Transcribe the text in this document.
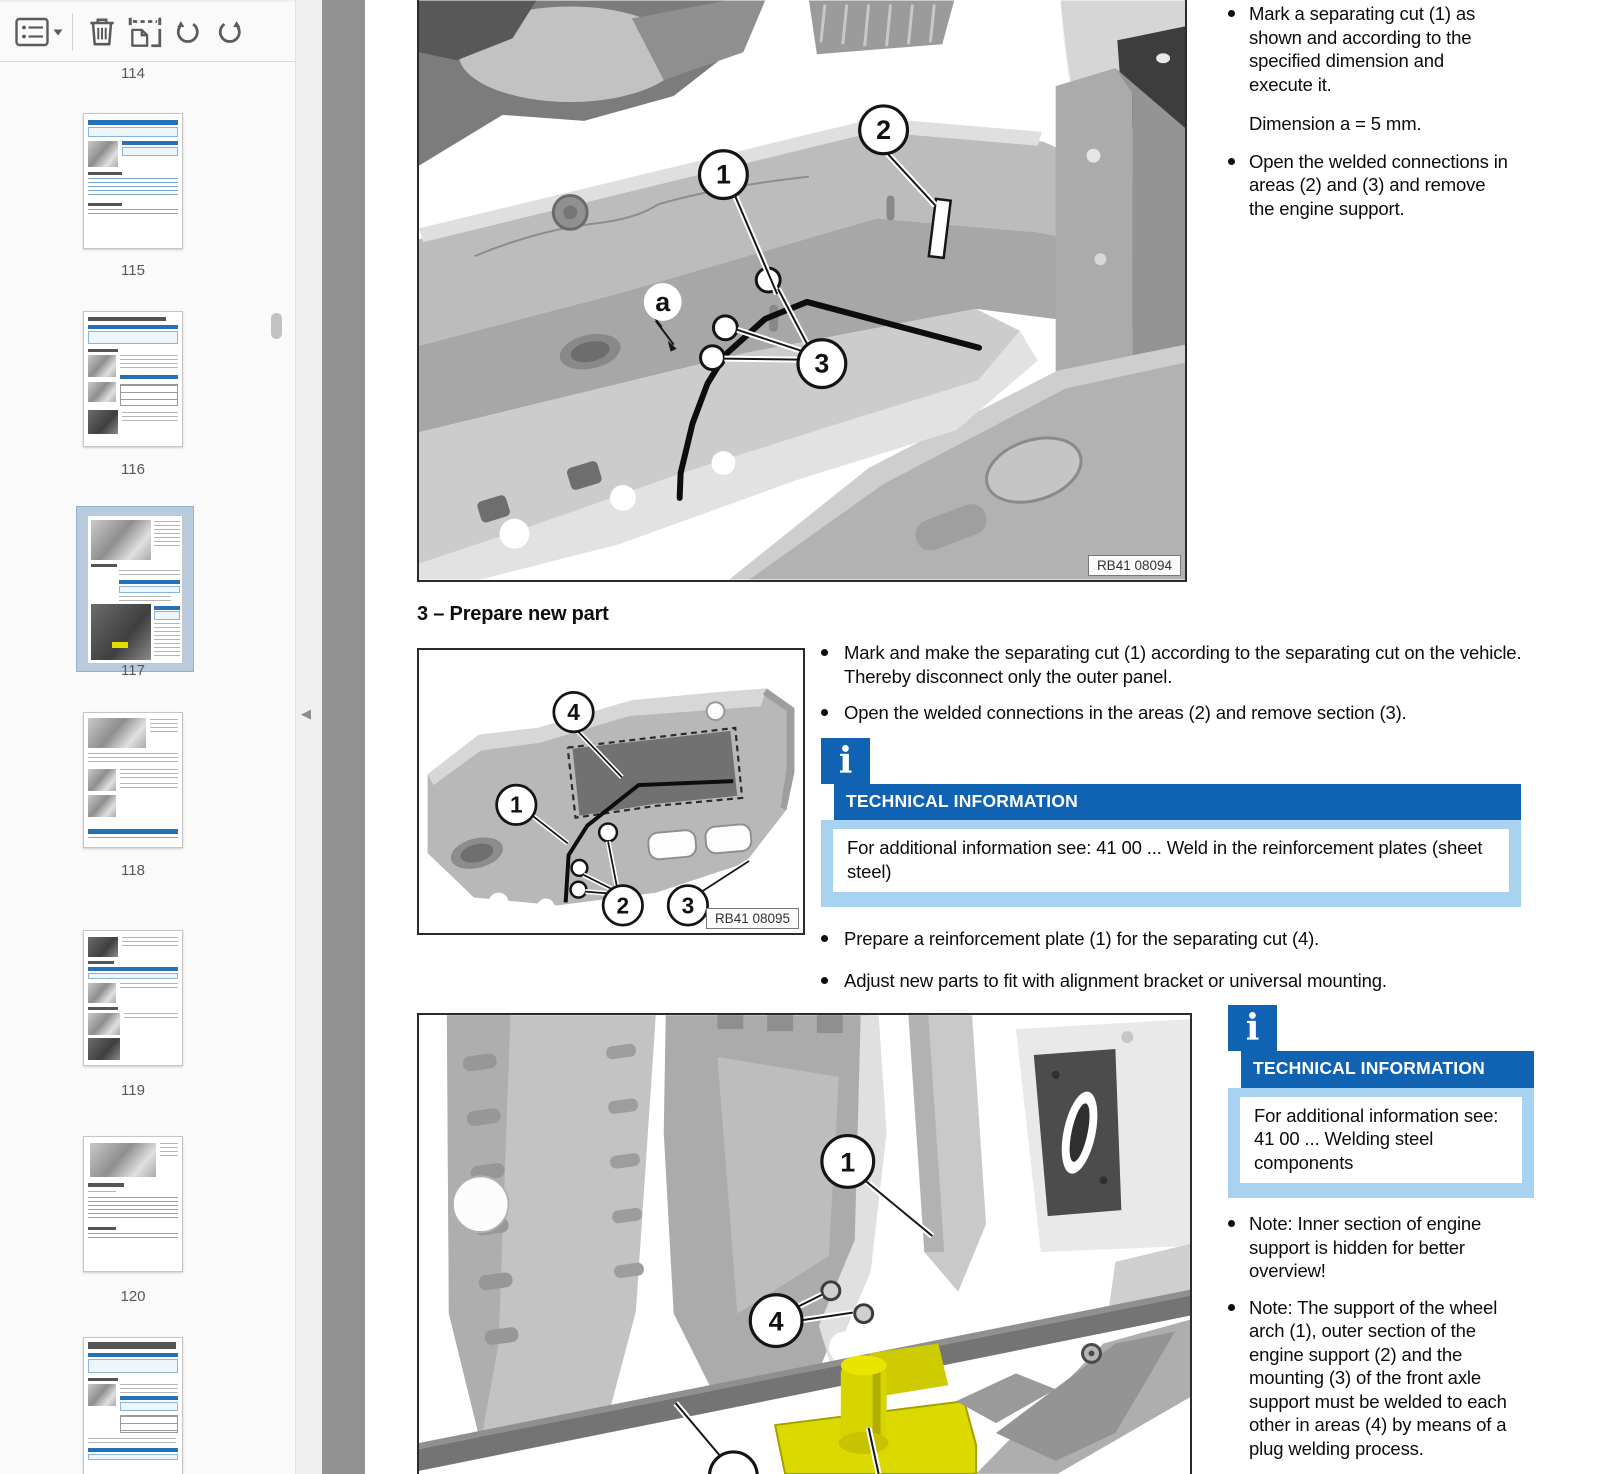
114
115
116
117
118
119
120
◀
1
2
3
a
RB41 08094
3 – Prepare new part
4
1
2 3
RB41 08095
1
4
Mark a separating cut (1) as shown and according to the specified dimension and execute it.
Dimension a = 5 mm.
Open the welded connections in areas (2) and (3) and remove the engine support.
Mark and make the separating cut (1) according to the separating cut on the vehicle. Thereby disconnect only the outer panel.
Open the welded connections in the areas (2) and remove section (3).
i
TECHNICAL INFORMATION
For additional information see: 41 00 ... Weld in the reinforcement plates (sheet steel)
Prepare a reinforcement plate (1) for the separating cut (4).
Adjust new parts to fit with alignment bracket or universal mounting.
i
TECHNICAL INFORMATION
For additional information see: 41 00 ... Welding steel components
Note: Inner section of engine support is hidden for better overview!
Note: The support of the wheel arch (1), outer section of the engine support (2) and the mounting (3) of the front axle support must be welded to each other in areas (4) by means of a plug welding process.
